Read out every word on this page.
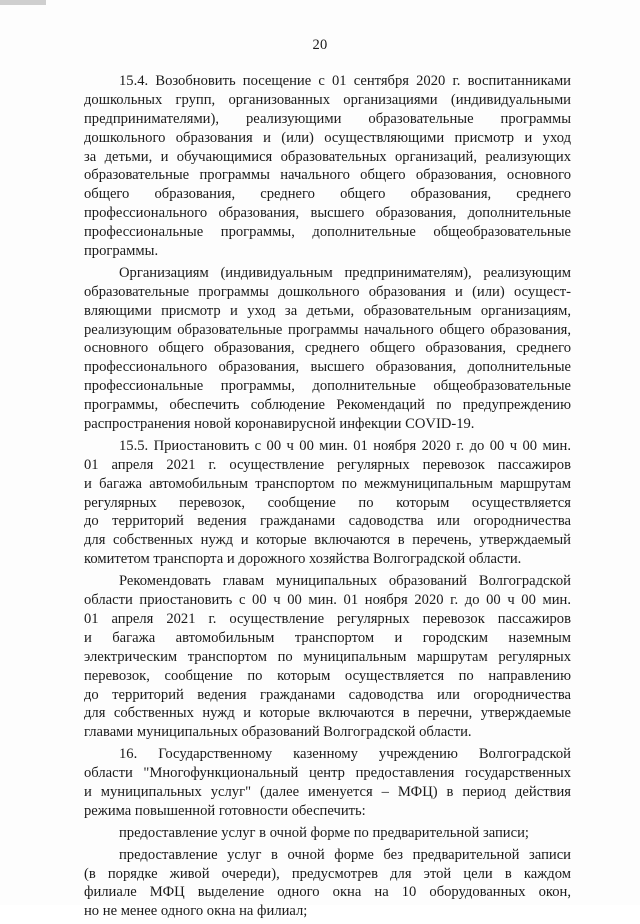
20
15.4. Возобновить посещение с 01 сентября 2020 г. воспитанниками
дошкольных групп, организованных организациями (индивидуальными
предпринимателями), реализующими образовательные программы
дошкольного образования и (или) осуществляющими присмотр и уход
за детьми, и обучающимися образовательных организаций, реализующих
образовательные программы начального общего образования, основного
общего образования, среднего общего образования, среднего
профессионального образования, высшего образования, дополнительные
профессиональные программы, дополнительные общеобразовательные
программы.
Организациям (индивидуальным предпринимателям), реализующим
образовательные программы дошкольного образования и (или) осущест-
вляющими присмотр и уход за детьми, образовательным организациям,
реализующим образовательные программы начального общего образования,
основного общего образования, среднего общего образования, среднего
профессионального образования, высшего образования, дополнительные
профессиональные программы, дополнительные общеобразовательные
программы, обеспечить соблюдение Рекомендаций по предупреждению
распространения новой коронавирусной инфекции COVID-19.
15.5. Приостановить с 00 ч 00 мин. 01 ноября 2020 г. до 00 ч 00 мин.
01 апреля 2021 г. осуществление регулярных перевозок пассажиров
и багажа автомобильным транспортом по межмуниципальным маршрутам
регулярных перевозок, сообщение по которым осуществляется
до территорий ведения гражданами садоводства или огородничества
для собственных нужд и которые включаются в перечень, утверждаемый
комитетом транспорта и дорожного хозяйства Волгоградской области.
Рекомендовать главам муниципальных образований Волгоградской
области приостановить с 00 ч 00 мин. 01 ноября 2020 г. до 00 ч 00 мин.
01 апреля 2021 г. осуществление регулярных перевозок пассажиров
и багажа автомобильным транспортом и городским наземным
электрическим транспортом по муниципальным маршрутам регулярных
перевозок, сообщение по которым осуществляется по направлению
до территорий ведения гражданами садоводства или огородничества
для собственных нужд и которые включаются в перечни, утверждаемые
главами муниципальных образований Волгоградской области.
16. Государственному казенному учреждению Волгоградской
области "Многофункциональный центр предоставления государственных
и муниципальных услуг" (далее именуется – МФЦ) в период действия
режима повышенной готовности обеспечить:
предоставление услуг в очной форме по предварительной записи;
предоставление услуг в очной форме без предварительной записи
(в порядке живой очереди), предусмотрев для этой цели в каждом
филиале МФЦ выделение одного окна на 10 оборудованных окон,
но не менее одного окна на филиал;
